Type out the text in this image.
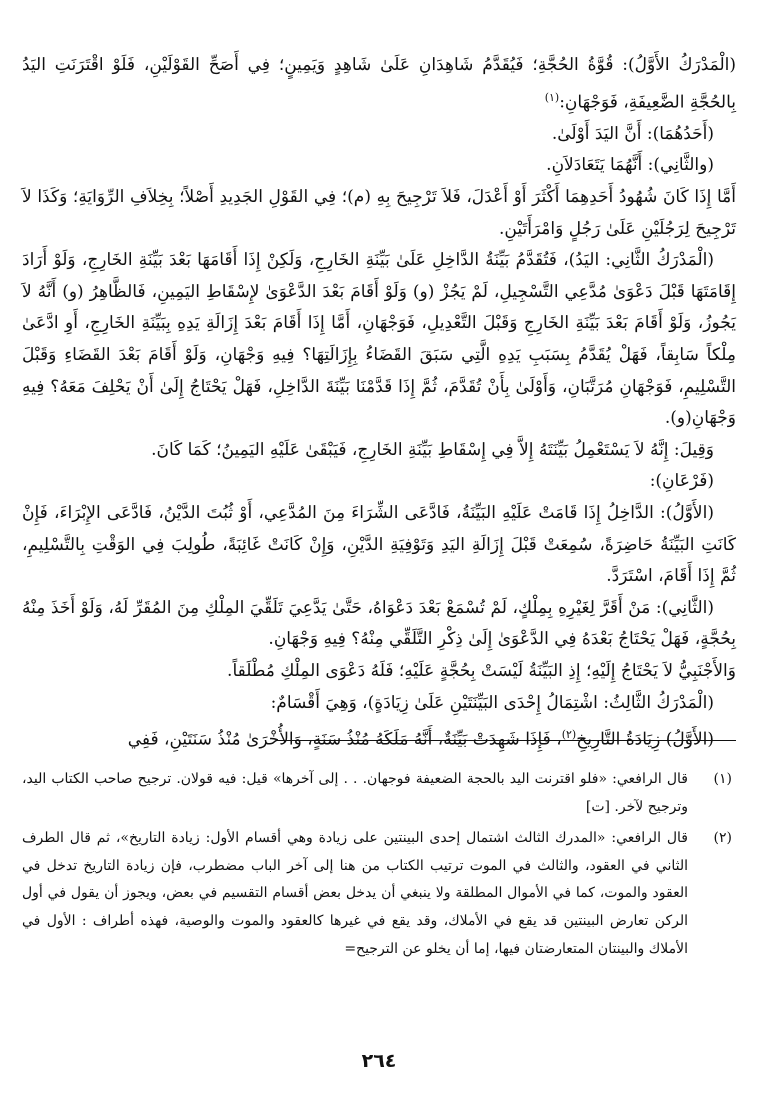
(الْمَدْرَكُ الأَوَّلُ): قُوَّةُ الحُجَّةِ؛ فَيُقَدَّمُ شَاهِدَانِ عَلَىٰ شَاهِدٍ وَيَمِينٍ؛ فِي أَصَحِّ القَوْلَيْنِ، فَلَوْ اقْتَرَنَتِ اليَدُ بِالحُجَّةِ الضَّعِيفَةِ، فَوَجْهَانِ:$^{(١)}$

(أَحَدُهُمَا): أَنَّ اليَدَ أَوْلَىٰ.

(والثَّانِي): أَنَّهُمَا يَتَعَادَلاَنِ.

أَمَّا إِذَا كَانَ شُهُودُ أَحَدِهِمَا أَكْثَرَ أَوْ أَعْدَلَ، فَلاَ تَرْجِيحَ بِهِ (م)؛ فِي القَوْلِ الجَدِيدِ أَصْلاً؛ بِخِلاَفِ الرِّوَايَةِ؛ وَكَذَا لاَ تَرْجِيحَ لِرَجُلَيْنِ عَلَىٰ رَجُلٍ وَامْرَأَتَيْنِ.

(الْمَدْرَكُ الثَّانِي: اليَدُ)، فَتُقَدَّمُ بَيِّنَةُ الدَّاخِلِ عَلَىٰ بَيِّنَةِ الخَارِجِ، وَلَكِنْ إِذَا أَقَامَهَا بَعْدَ بَيِّنَةِ الخَارِجِ، وَلَوْ أَرَادَ إِقَامَتَهَا قَبْلَ دَعْوَىٰ مُدَّعِي التَّسْجِيلِ، لَمْ يَجُزْ (و) وَلَوْ أَقَامَ بَعْدَ الدَّعْوَىٰ لإِسْقَاطِ اليَمِينِ، فَالظَّاهِرُ (و) أَنَّهُ لاَ يَجُوزُ، وَلَوْ أَقَامَ بَعْدَ بَيِّنَةِ الخَارِجِ وَقَبْلَ التَّعْدِيلِ، فَوَجْهَانِ، أَمَّا إِذَا أَقَامَ بَعْدَ إِزَالَةِ يَدِهِ بِبَيِّنَةِ الخَارِجِ، أَوِ ادَّعَىٰ مِلْكاً سَابِقاً، فَهَلْ يُقَدَّمُ بِسَبَبِ يَدِهِ الَّتِي سَبَقَ القَضَاءُ بِإِزَالَتِهَا؟ فِيهِ وَجْهَانِ، وَلَوْ أَقَامَ بَعْدَ القَضَاءِ وَقَبْلَ التَّسْلِيمِ، فَوَجْهَانِ مُرَتَّبَانِ، وَأَوْلَىٰ بِأَنْ تُقَدَّمَ، ثُمَّ إِذَا قَدَّمْنَا بَيِّنَةَ الدَّاخِلِ، فَهَلْ يَحْتَاجُ إِلَىٰ أَنْ يَحْلِفَ مَعَهُ؟ فِيهِ وَجْهَانِ(و).

وَقِيلَ: إِنَّهُ لاَ يَسْتَعْمِلُ بَيِّنَتَهُ إِلاَّ فِي إِسْقَاطِ بَيِّنَةِ الخَارِجِ، فَيَبْقَىٰ عَلَيْهِ اليَمِينُ؛ كَمَا كَانَ.

(فَرْعَانِ):

(الأَوَّلُ): الدَّاخِلُ إِذَا قَامَتْ عَلَيْهِ البَيِّنَةُ، فَادَّعَى الشِّرَاءَ مِنَ المُدَّعِي، أَوْ ثُبُتَ الدَّيْنُ، فَادَّعَى الإِبْرَاءَ، فَإِنْ كَانَتِ البَيِّنَةُ حَاضِرَةً، سُمِعَتْ قَبْلَ إِزَالَةِ اليَدِ وَتَوْفِيَةِ الدَّيْنِ، وَإِنْ كَانَتْ غَائِبَةً، طُولِبَ فِي الوَقْتِ بِالتَّسْلِيمِ، ثُمَّ إِذَا أَقَامَ، اسْتَرَدَّ.

(الثَّانِي): مَنْ أَقَرَّ لِغَيْرِهِ بِمِلْكٍ، لَمْ تُسْمَعْ بَعْدَ دَعْوَاهُ، حَتَّىٰ يَدَّعِيَ تَلَقِّيَ المِلْكِ مِنَ المُقَرِّ لَهُ، وَلَوْ أَخَذَ مِنْهُ بِحُجَّةٍ، فَهَلْ يَحْتَاجُ بَعْدَهُ فِي الدَّعْوَىٰ إِلَىٰ ذِكْرِ التَّلَقِّي مِنْهُ؟ فِيهِ وَجْهَانِ.

وَالأَجْنَبِيُّ لاَ يَحْتَاجُ إِلَيْهِ؛ إِذِ البَيِّنَةُ لَيْسَتْ بِحُجَّةٍ عَلَيْهِ؛ فَلَهُ دَعْوَى المِلْكِ مُطْلَقاً.

(الْمَدْرَكُ الثَّالِثُ: اشْتِمَالُ إِحْدَى البَيِّنَتَيْنِ عَلَىٰ زِيَادَةٍ)، وَهِيَ أَقْسَامٌ:

(الأَوَّلُ) زِيَادَةُ التَّارِيخِ$^{(٢)}$، فَإِذَا شَهِدَتْ بَيِّنَةٌ، أَنَّهُ مَلَكَهُ مُنْذُ سَنَةٍ، وَالأُخْرَىٰ مُنْذُ سَنَتَيْنِ، فَفِي

(١)
قال الرافعي: «فلو اقترنت اليد بالحجة الضعيفة فوجهان. . . إلى آخرها» قيل: فيه قولان. ترجيح صاحب الكتاب اليد، وترجيح لآخر. [ت]
(٢)
قال الرافعي: «المدرك الثالث اشتمال إحدى البينتين على زيادة وهي أقسام الأول: زيادة التاريخ»، ثم قال الطرف الثاني في العقود، والثالث في الموت ترتيب الكتاب من هنا إلى آخر الباب مضطرب، فإن زيادة التاريخ تدخل في العقود والموت، كما في الأموال المطلقة ولا ينبغي أن يدخل بعض أقسام التقسيم في بعض، ويجوز أن يقول في أول الركن تعارض البينتين قد يقع في الأملاك، وقد يقع في غيرها كالعقود والموت والوصية، فهذه أطراف : الأول في الأملاك والبينتان المتعارضتان فيها، إما أن يخلو عن الترجيح=
٢٦٤
